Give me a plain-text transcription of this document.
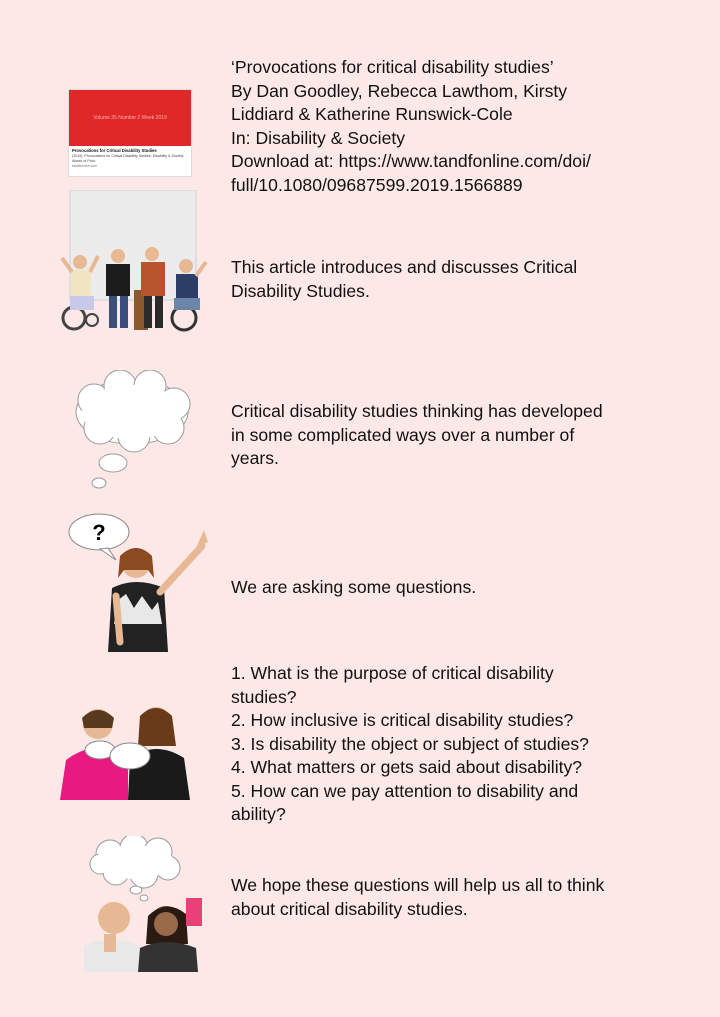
Volume 35 Number 2 Week 2019
Provocations for Critical Disability Studies
(2019). Provocations for Critical Disability Studies. Disability & Society. Ahead of Print.
tandfonline.com

‘Provocations for critical disability studies’

By Dan Goodley, Rebecca Lawthom, Kirsty

Liddiard & Katherine Runswick-Cole

In: Disability & Society

Download at: https://www.tandfonline.com/doi/

full/10.1080/09687599.2019.1566889

This article introduces and discusses Critical

Disability Studies.

Critical disability studies thinking has developed

in some complicated ways over a number of

years.

?

We are asking some questions.

1. What is the purpose of critical disability

studies?

2. How inclusive is critical disability studies?

3. Is disability the object or subject of studies?

4. What matters or gets said about disability?

5. How can we pay attention to disability and

ability?

We hope these questions will help us all to think

about critical disability studies.
